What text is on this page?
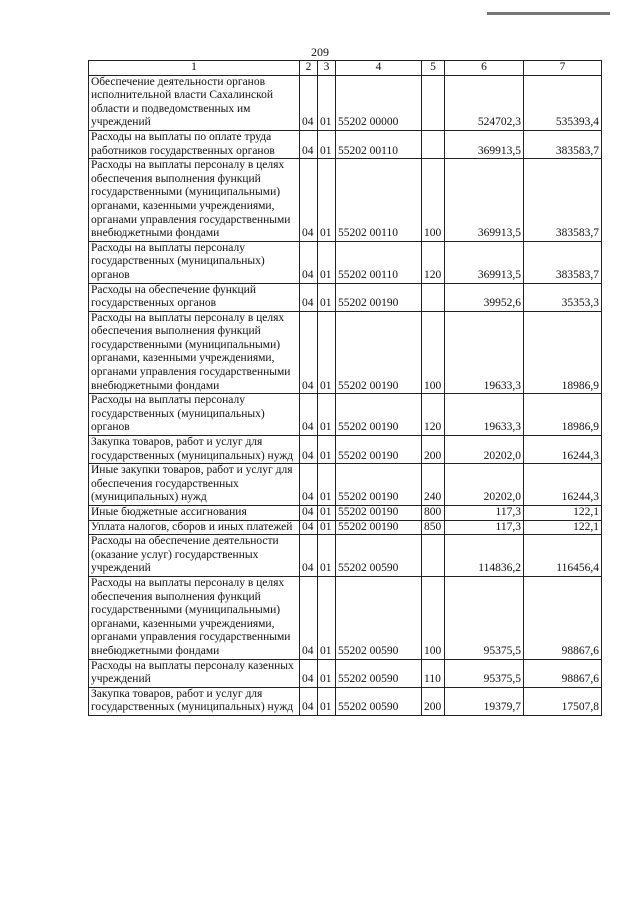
209
1	2	3	4	5	6	7
Обеспечение деятельности органов исполнительной власти Сахалинской области и подведомственных им учреждений	04	01	55202 00000		524702,3	535393,4
Расходы на выплаты по оплате труда работников государственных органов	04	01	55202 00110		369913,5	383583,7
Расходы на выплаты персоналу в целях обеспечения выполнения функций государственными (муниципальными) органами, казенными учреждениями, органами управления государственными внебюджетными фондами	04	01	55202 00110	100	369913,5	383583,7
Расходы на выплаты персоналу государственных (муниципальных) органов	04	01	55202 00110	120	369913,5	383583,7
Расходы на обеспечение функций государственных органов	04	01	55202 00190		39952,6	35353,3
Расходы на выплаты персоналу в целях обеспечения выполнения функций государственными (муниципальными) органами, казенными учреждениями, органами управления государственными внебюджетными фондами	04	01	55202 00190	100	19633,3	18986,9
Расходы на выплаты персоналу государственных (муниципальных) органов	04	01	55202 00190	120	19633,3	18986,9
Закупка товаров, работ и услуг для государственных (муниципальных) нужд	04	01	55202 00190	200	20202,0	16244,3
Иные закупки товаров, работ и услуг для обеспечения государственных (муниципальных) нужд	04	01	55202 00190	240	20202,0	16244,3
Иные бюджетные ассигнования	04	01	55202 00190	800	117,3	122,1
Уплата налогов, сборов и иных платежей	04	01	55202 00190	850	117,3	122,1
Расходы на обеспечение деятельности (оказание услуг) государственных учреждений	04	01	55202 00590		114836,2	116456,4
Расходы на выплаты персоналу в целях обеспечения выполнения функций государственными (муниципальными) органами, казенными учреждениями, органами управления государственными внебюджетными фондами	04	01	55202 00590	100	95375,5	98867,6
Расходы на выплаты персоналу казенных учреждений	04	01	55202 00590	110	95375,5	98867,6
Закупка товаров, работ и услуг для государственных (муниципальных) нужд	04	01	55202 00590	200	19379,7	17507,8
